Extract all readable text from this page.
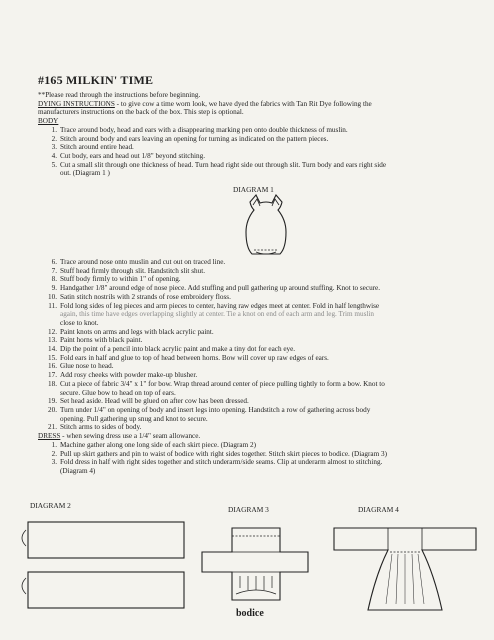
#165 MILKIN' TIME
**Please read through the instructions before beginning.
DYING INSTRUCTIONS - to give cow a time worn look, we have dyed the fabrics with Tan Rit Dye following the
manufacturers instructions on the back of the box. This step is optional.
BODY
1. Trace around body, head and ears with a disappearing marking pen onto double thickness of muslin.
2. Stitch around body and ears leaving an opening for turning as indicated on the pattern pieces.
3. Stitch around entire head.
4. Cut body, ears and head out 1/8" beyond stitching.
5. Cut a small slit through one thickness of head. Turn head right side out through slit. Turn body and ears right side
out. (Diagram 1 )
6. Trace around nose onto muslin and cut out on traced line.
7. Stuff head firmly through slit. Handstitch slit shut.
8. Stuff body firmly to within 1" of opening.
9. Handgather 1/8" around edge of nose piece. Add stuffing and pull gathering up around stuffing. Knot to secure.
10. Satin stitch nostrils with 2 strands of rose embroidery floss.
11. Fold long sides of leg pieces and arm pieces to center, having raw edges meet at center. Fold in half lengthwise
again, this time have edges overlapping slightly at center. Tie a knot on end of each arm and leg. Trim muslin
close to knot.
12. Paint knots on arms and legs with black acrylic paint.
13. Paint horns with black paint.
14. Dip the point of a pencil into black acrylic paint and make a tiny dot for each eye.
15. Fold ears in half and glue to top of head between horns. Bow will cover up raw edges of ears.
16. Glue nose to head.
17. Add rosy cheeks with powder make-up blusher.
18. Cut a piece of fabric 3/4" x 1" for bow. Wrap thread around center of piece pulling tightly to form a bow. Knot to
secure. Glue bow to head on top of ears.
19. Set head aside. Head will be glued on after cow has been dressed.
20. Turn under 1/4" on opening of body and insert legs into opening. Handstitch a row of gathering across body
opening. Pull gathering up snug and knot to secure.
21. Stitch arms to sides of body.
DRESS - when sewing dress use a 1/4" seam allowance.
1. Machine gather along one long side of each skirt piece. (Diagram 2)
2. Pull up skirt gathers and pin to waist of bodice with right sides together. Stitch skirt pieces to bodice. (Diagram 3)
3. Fold dress in half with right sides together and stitch underarm/side seams. Clip at underarm almost to stitching.
(Diagram 4)
DIAGRAM 1
DIAGRAM 2	DIAGRAM 3
bodice
DIAGRAM 4
